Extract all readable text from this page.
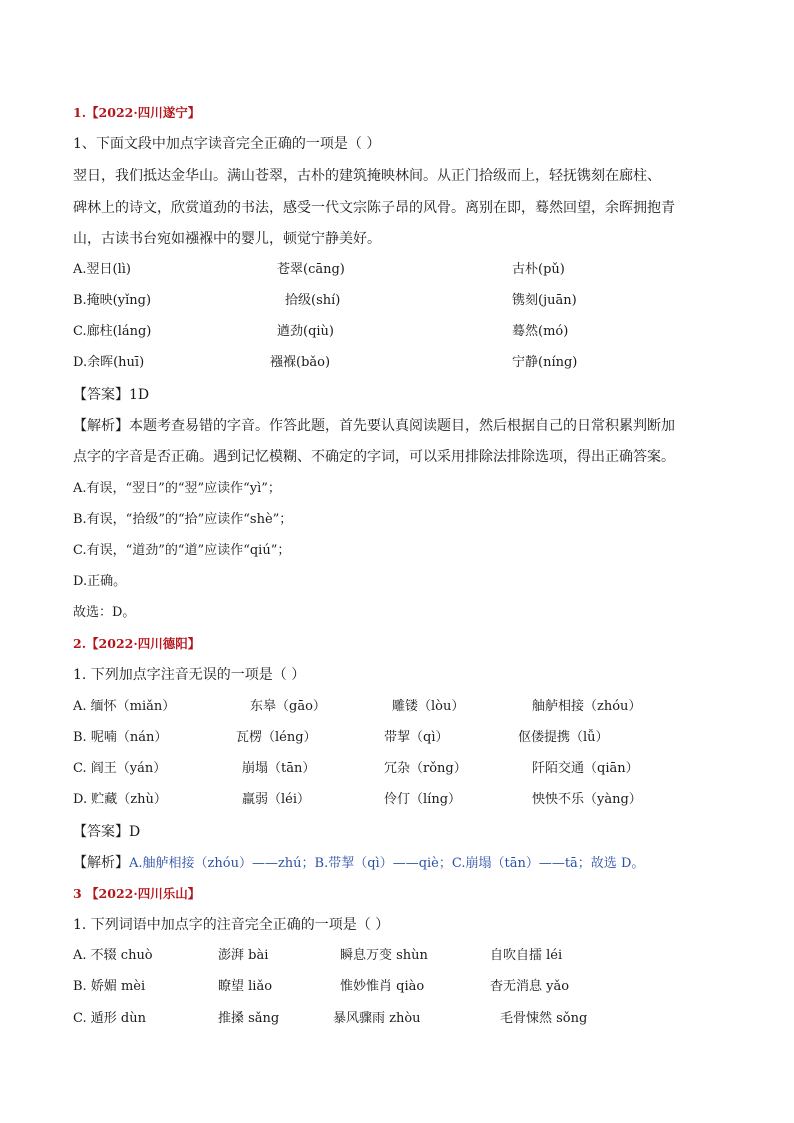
1.【2022·四川遂宁】
1、下面文段中加点字读音完全正确的一项是（ ）
翌日，我们抵达金华山。满山苍翠，古朴的建筑掩映林间。从正门拾级而上，轻抚镌刻在廊柱、
碑林上的诗文，欣赏道劲的书法，感受一代文宗陈子昂的风骨。离别在即，蓦然回望，余晖拥抱青
山，古读书台宛如襁褓中的婴儿，顿觉宁静美好。
A.翌日(lì)	苍翠(cāng)	古朴(pǔ)
B.掩映(yǐng)	拾级(shí)	镌刻(juān)
C.廊柱(láng)	遒劲(qiù)	蓦然(mó)
D.余晖(huī)	襁褓(bǎo)	宁静(níng)
【答案】1D
【解析】本题考查易错的字音。作答此题，首先要认真阅读题目，然后根据自己的日常积累判断加
点字的字音是否正确。遇到记忆模糊、不确定的字词，可以采用排除法排除选项，得出正确答案。
A.有误，“翌日”的“翌”应读作“yì”；
B.有误，“拾级”的“拾”应读作“shè”；
C.有误，“道劲”的“道”应读作“qiú”；
D.正确。
故选：D。
2.【2022·四川德阳】
1. 下列加点字注音无误的一项是（ ）
A. 缅怀（miǎn）	东皋（gāo）	雕镂（lòu）	舳舻相接（zhóu）
B. 呢喃（nán）	瓦楞（léng）	带挈（qì）	伛偻提携（lǚ）
C. 阎王（yán）	崩塌（tān）	冗杂（rǒng）	阡陌交通（qiān）
D. 贮藏（zhù）	羸弱（léi）	伶仃（líng）	怏怏不乐（yàng）
【答案】D
【解析】A.舳舻相接（zhóu）——zhú；B.带挈（qì）——qiè；C.崩塌（tān）——tā；故选 D。
3 【2022·四川乐山】
1. 下列词语中加点字的注音完全正确的一项是（ ）
A. 不辍 chuò	澎湃 bài	瞬息万变 shùn	自吹自擂 léi
B. 娇媚 mèi	瞭望 liǎo	惟妙惟肖 qiào	杳无消息 yǎo
C. 遁形 dùn	推搡 sǎng	暴风骤雨 zhòu	毛骨悚然 sǒng
